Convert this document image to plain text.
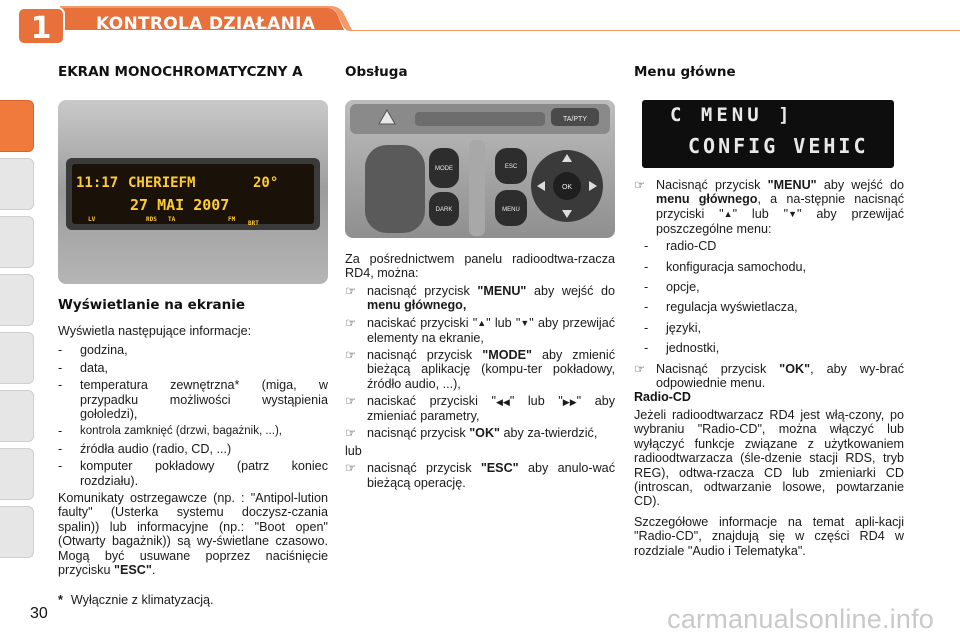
1	KONTROLA DZIAŁANIA
EKRAN MONOCHROMATYCZNY A
11:17 CHERIEFM	20°
27 MAI 2007
LV	RDS TA	FM
BRT
Wyświetlanie na ekranie

Wyświetla następujące informacje:

-	godzina,
-	data,
-	temperatura zewnętrzna* (miga, w przypadku możliwości wystąpienia gołoledzi),
-	kontrola zamknięć (drzwi, bagażnik, ...),
-	źródła audio (radio, CD, ...)
-	komputer pokładowy (patrz koniec rozdziału).

Komunikaty ostrzegawcze (np. : "Antipol-lution faulty" (Usterka systemu doczysz-czania spalin)) lub informacyjne (np.: "Boot open" (Otwarty bagażnik)) są wy-świetlane czasowo. Mogą być usuwane poprzez naciśnięcie przycisku "ESC".

Obsługa
TA/PTY
MODE
DARK
ESC
MENU
OK

Za pośrednictwem panelu radioodtwa-rzacza RD4, można:

☞ nacisnąć przycisk "MENU" aby wejść do menu głównego,
☞ naciskać przyciski "▲" lub "▼" aby przewijać elementy na ekranie,
☞ nacisnąć przycisk "MODE" aby zmienić bieżącą aplikację (kompu-ter pokładowy, źródło audio, ...),
☞ naciskać przyciski "◀◀" lub "▶▶" aby zmieniać parametry,
☞ nacisnąć przycisk "OK" aby za-twierdzić,

lub

☞ nacisnąć przycisk "ESC" aby anulo-wać bieżącą operację.
Menu główne
C MENU ]
CONFIG VEHIC
☞ Nacisnąć przycisk "MENU" aby wejść do menu głównego, a na-stępnie nacisnąć przyciski "▲" lub "▼" aby przewijać poszczególne menu:
-	radio-CD
-	konfiguracja samochodu,
-	opcje,
-	regulacja wyświetlacza,
-	języki,
-	jednostki,
☞ Nacisnąć przycisk "OK", aby wy-brać odpowiednie menu.
Radio-CD

Jeżeli radioodtwarzacz RD4 jest włą-czony, po wybraniu "Radio-CD", można włączyć lub wyłączyć funkcje związane z użytkowaniem radioodtwarzacza (śle-dzenie stacji RDS, tryb REG), odtwa-rzacza CD lub zmieniarki CD (introscan, odtwarzanie losowe, powtarzanie CD).

Szczegółowe informacje na temat apli-kacji "Radio-CD", znajdują się w części RD4 w rozdziale "Audio i Telematyka".

* Wyłącznie z klimatyzacją.
30	carmanualsonline.info
